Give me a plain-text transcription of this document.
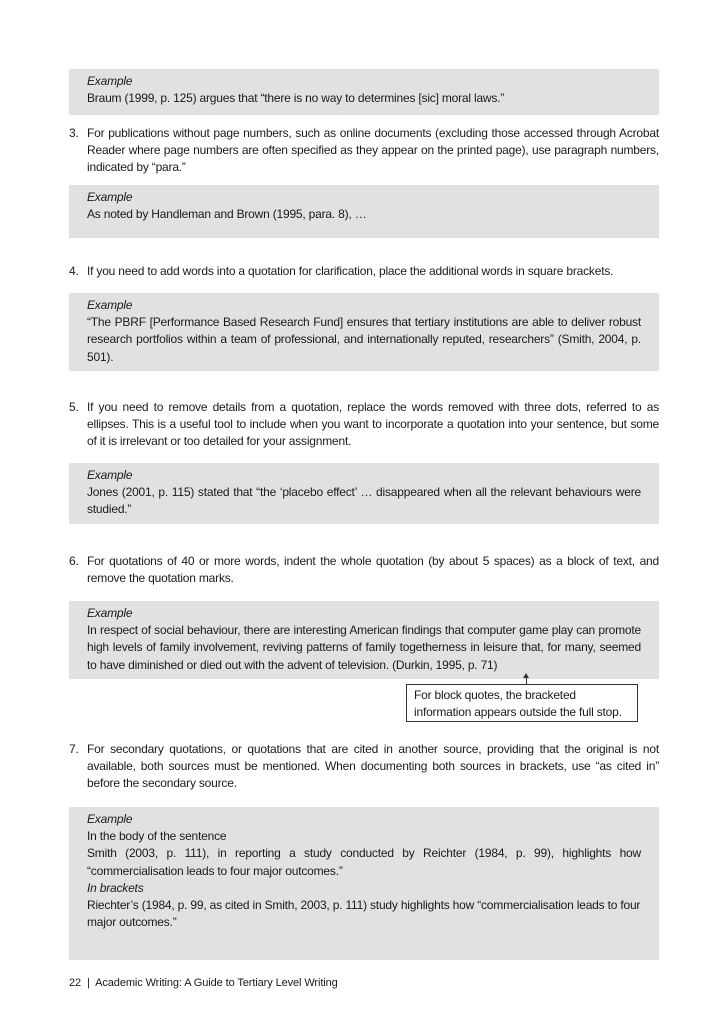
Example

Braum (1999, p. 125) argues that “there is no way to determines [sic] moral laws.”

3. For publications without page numbers, such as online documents (excluding those accessed through Acrobat Reader where page numbers are often specified as they appear on the printed page), use paragraph numbers, indicated by “para.”

Example

As noted by Handleman and Brown (1995, para. 8), …

4. If you need to add words into a quotation for clarification, place the additional words in square brackets.

Example

“The PBRF [Performance Based Research Fund] ensures that tertiary institutions are able to deliver robust research portfolios within a team of professional, and internationally reputed, researchers” (Smith, 2004, p. 501).

5. If you need to remove details from a quotation, replace the words removed with three dots, referred to as ellipses. This is a useful tool to include when you want to incorporate a quotation into your sentence, but some of it is irrelevant or too detailed for your assignment.

Example

Jones (2001, p. 115) stated that “the ‘placebo effect’ … disappeared when all the relevant behaviours were studied.”

6. For quotations of 40 or more words, indent the whole quotation (by about 5 spaces) as a block of text, and remove the quotation marks.

Example

In respect of social behaviour, there are interesting American findings that computer game play can promote high levels of family involvement, reviving patterns of family togetherness in leisure that, for many, seemed to have diminished or died out with the advent of television. (Durkin, 1995, p. 71)

For block quotes, the bracketed
information appears outside the full stop.
7. For secondary quotations, or quotations that are cited in another source, providing that the original is not available, both sources must be mentioned. When documenting both sources in brackets, use “as cited in” before the secondary source.

Example

In the body of the sentence

Smith (2003, p. 111), in reporting a study conducted by Reichter (1984, p. 99), highlights how “commercialisation leads to four major outcomes.”

In brackets

Riechter’s (1984, p. 99, as cited in Smith, 2003, p. 111) study highlights how “commercialisation leads to four major outcomes.”

22 | Academic Writing: A Guide to Tertiary Level Writing
